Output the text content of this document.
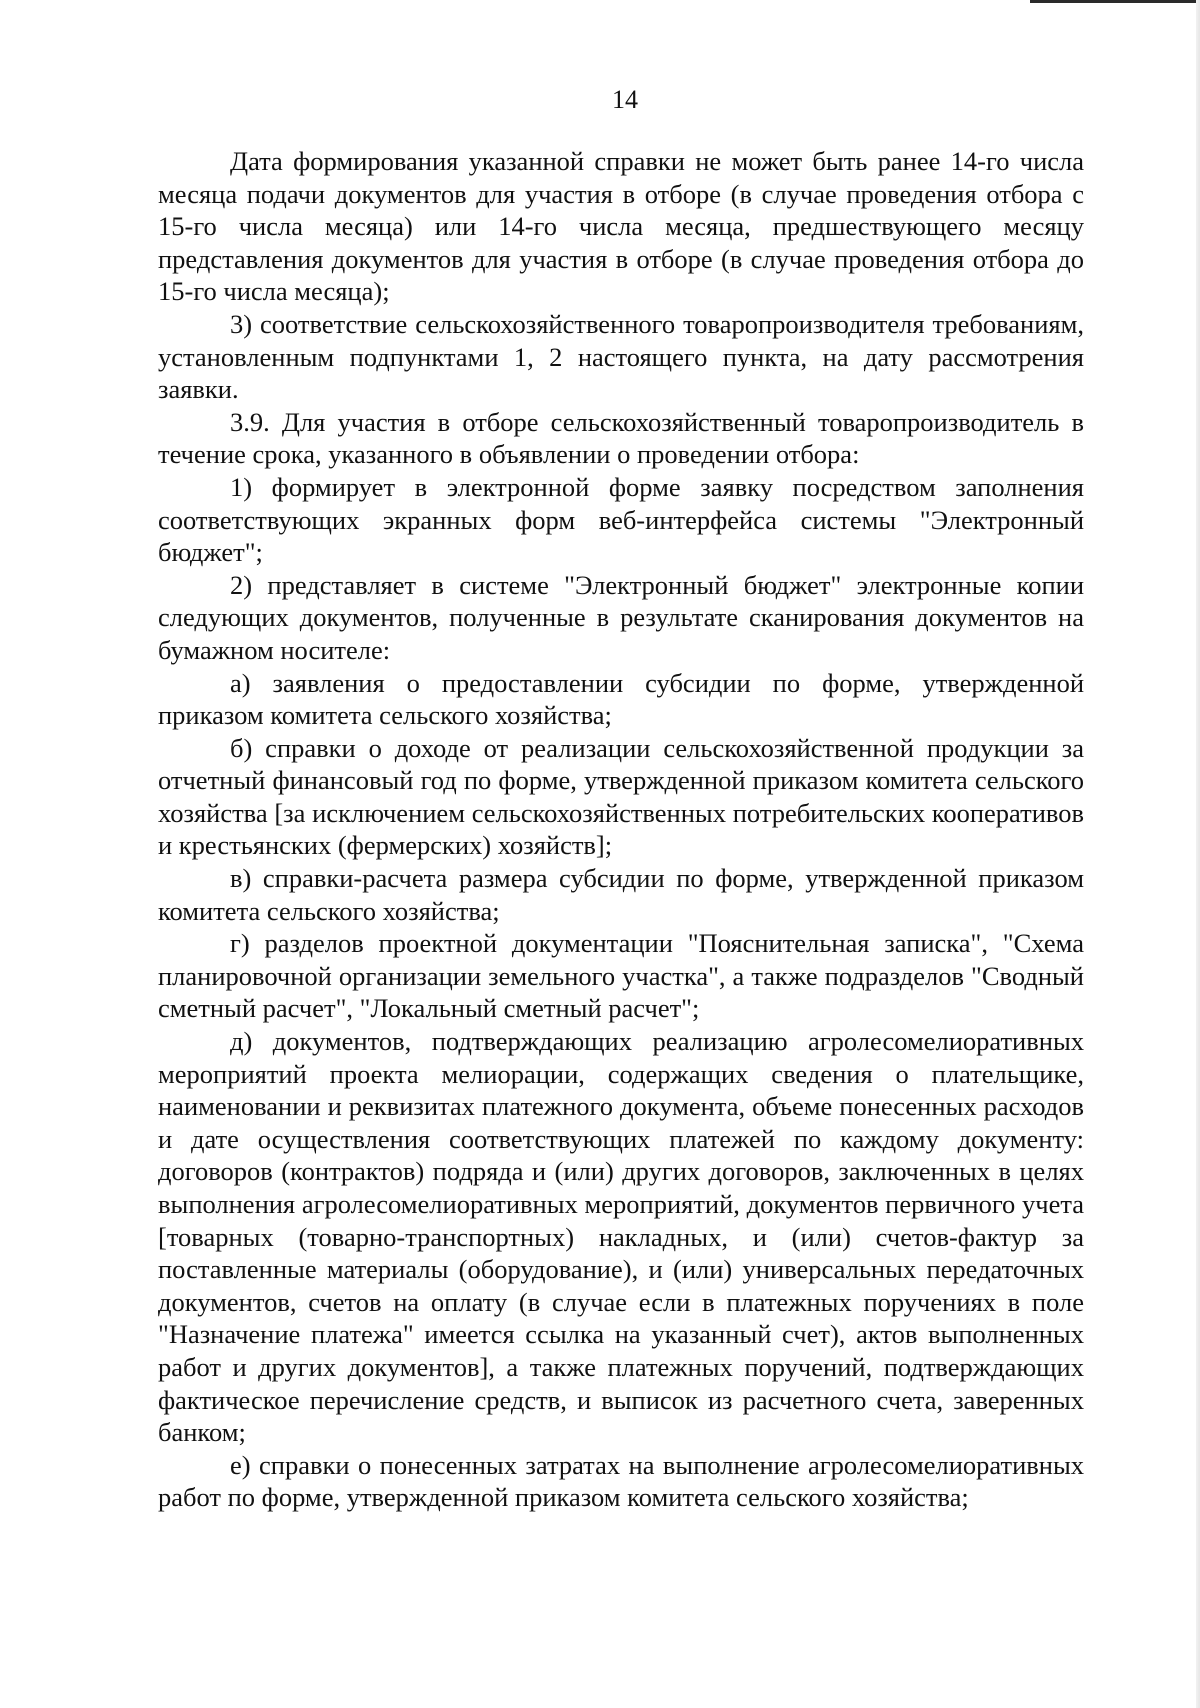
14

Дата формирования указанной справки не может быть ранее 14-го числа месяца подачи документов для участия в отборе (в случае проведения отбора с 15-го числа месяца) или 14-го числа месяца, предшествующего месяцу представления документов для участия в отборе (в случае проведения отбора до 15-го числа месяца);

3) соответствие сельскохозяйственного товаропроизводителя требованиям, установленным подпунктами 1, 2 настоящего пункта, на дату рассмотрения заявки.

3.9. Для участия в отборе сельскохозяйственный товаропроизводитель в течение срока, указанного в объявлении о проведении отбора:

1) формирует в электронной форме заявку посредством заполнения соответствующих экранных форм веб-интерфейса системы "Электронный бюджет";

2) представляет в системе "Электронный бюджет" электронные копии следующих документов, полученные в результате сканирования документов на бумажном носителе:

а) заявления о предоставлении субсидии по форме, утвержденной приказом комитета сельского хозяйства;

б) справки о доходе от реализации сельскохозяйственной продукции за отчетный финансовый год по форме, утвержденной приказом комитета сельского хозяйства [за исключением сельскохозяйственных потребительских кооперативов и крестьянских (фермерских) хозяйств];

в) справки-расчета размера субсидии по форме, утвержденной приказом комитета сельского хозяйства;

г) разделов проектной документации "Пояснительная записка", "Схема планировочной организации земельного участка", а также подразделов "Сводный сметный расчет", "Локальный сметный расчет";

д) документов, подтверждающих реализацию агролесомелиоративных мероприятий проекта мелиорации, содержащих сведения о плательщике, наименовании и реквизитах платежного документа, объеме понесенных расходов и дате осуществления соответствующих платежей по каждому документу: договоров (контрактов) подряда и (или) других договоров, заключенных в целях выполнения агролесомелиоративных мероприятий, документов первичного учета [товарных (товарно-транспортных) накладных, и (или) счетов-фактур за поставленные материалы (оборудование), и (или) универсальных передаточных документов, счетов на оплату (в случае если в платежных поручениях в поле "Назначение платежа" имеется ссылка на указанный счет), актов выполненных работ и других документов], а также платежных поручений, подтверждающих фактическое перечисление средств, и выписок из расчетного счета, заверенных банком;

е) справки о понесенных затратах на выполнение агролесомелиоративных работ по форме, утвержденной приказом комитета сельского хозяйства;
